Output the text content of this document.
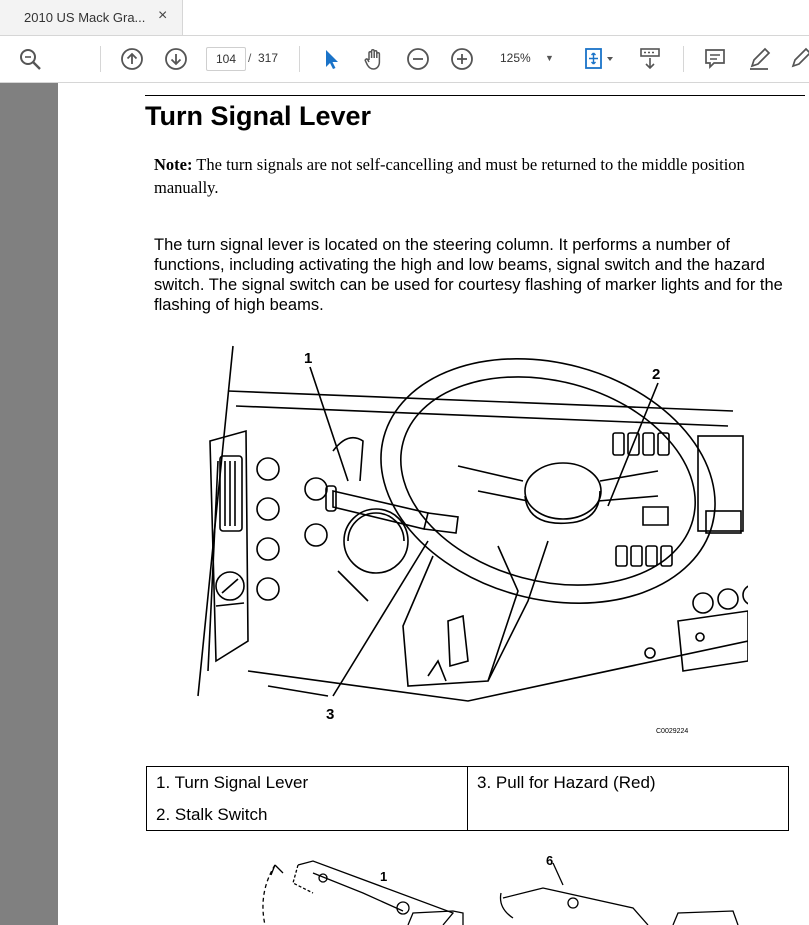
2010 US Mack Gra... ×
104 / 317	125% ▼
Turn Signal Lever
Note: The turn signals are not self-cancelling and must be returned to the middle position manually.
The turn signal lever is located on the steering column. It performs a number of functions, including activating the high and low beams, signal switch and the hazard switch. The signal switch can be used for courtesy flashing of marker lights and for the flashing of high beams.
1
2
3
C0029224
1. Turn Signal Lever
2. Stalk Switch
3. Pull for Hazard (Red)
1
6
